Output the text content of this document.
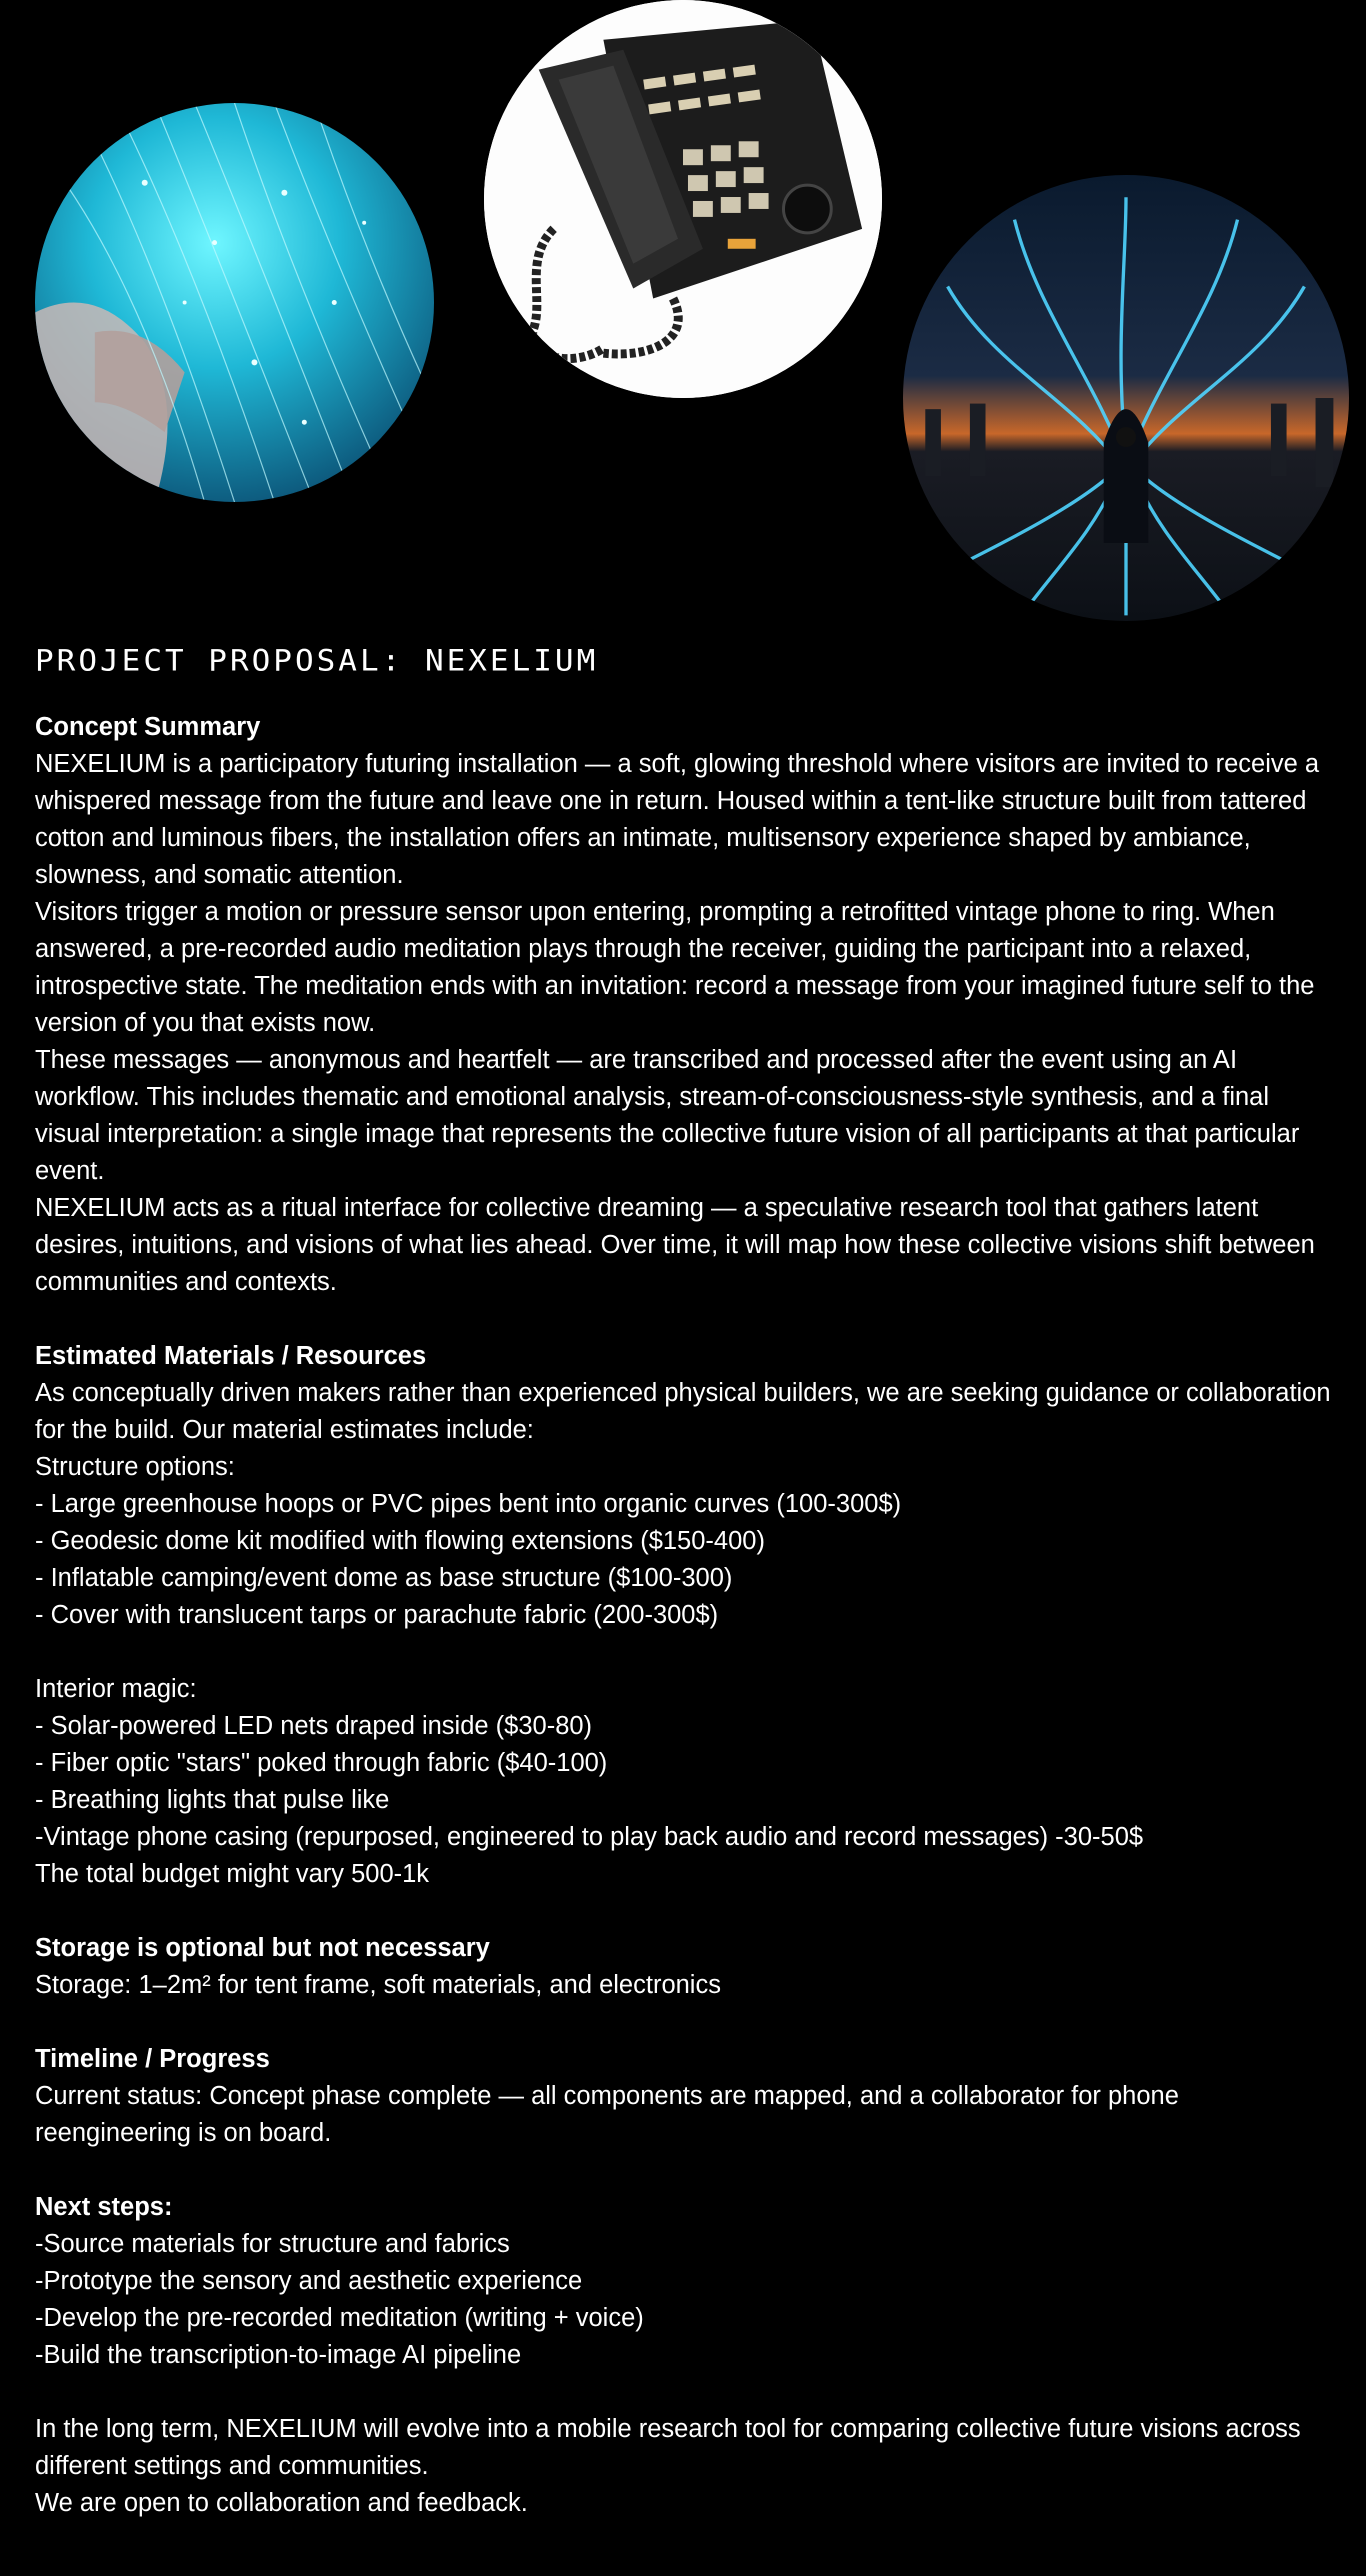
PROJECT PROPOSAL: NEXELIUM
Concept Summary

NEXELIUM is a participatory futuring installation — a soft, glowing threshold where visitors are invited to receive a whispered message from the future and leave one in return. Housed within a tent-like structure built from tattered cotton and luminous fibers, the installation offers an intimate, multisensory experience shaped by ambiance, slowness, and somatic attention.

Visitors trigger a motion or pressure sensor upon entering, prompting a retrofitted vintage phone to ring. When answered, a pre-recorded audio meditation plays through the receiver, guiding the participant into a relaxed, introspective state. The meditation ends with an invitation: record a message from your imagined future self to the version of you that exists now.

These messages — anonymous and heartfelt — are transcribed and processed after the event using an AI workflow. This includes thematic and emotional analysis, stream-of-consciousness-style synthesis, and a final visual interpretation: a single image that represents the collective future vision of all participants at that particular event.

NEXELIUM acts as a ritual interface for collective dreaming — a speculative research tool that gathers latent desires, intuitions, and visions of what lies ahead. Over time, it will map how these collective visions shift between communities and contexts.

Estimated Materials / Resources

As conceptually driven makers rather than experienced physical builders, we are seeking guidance or collaboration for the build. Our material estimates include:

Structure options:
- Large greenhouse hoops or PVC pipes bent into organic curves (100-300$)
- Geodesic dome kit modified with flowing extensions ($150-400)
- Inflatable camping/event dome as base structure ($100-300)
- Cover with translucent tarps or parachute fabric (200-300$)
Interior magic:
- Solar-powered LED nets draped inside ($30-80)
- Fiber optic "stars" poked through fabric ($40-100)
- Breathing lights that pulse like
-Vintage phone casing (repurposed, engineered to play back audio and record messages) -30-50$
The total budget might vary 500-1k
Storage is optional but not necessary
Storage: 1–2m² for tent frame, soft materials, and electronics
Timeline / Progress

Current status: Concept phase complete — all components are mapped, and a collaborator for phone reengineering is on board.

Next steps:
-Source materials for structure and fabrics
-Prototype the sensory and aesthetic experience
-Develop the pre-recorded meditation (writing + voice)
-Build the transcription-to-image AI pipeline

In the long term, NEXELIUM will evolve into a mobile research tool for comparing collective future visions across different settings and communities.

We are open to collaboration and feedback.
